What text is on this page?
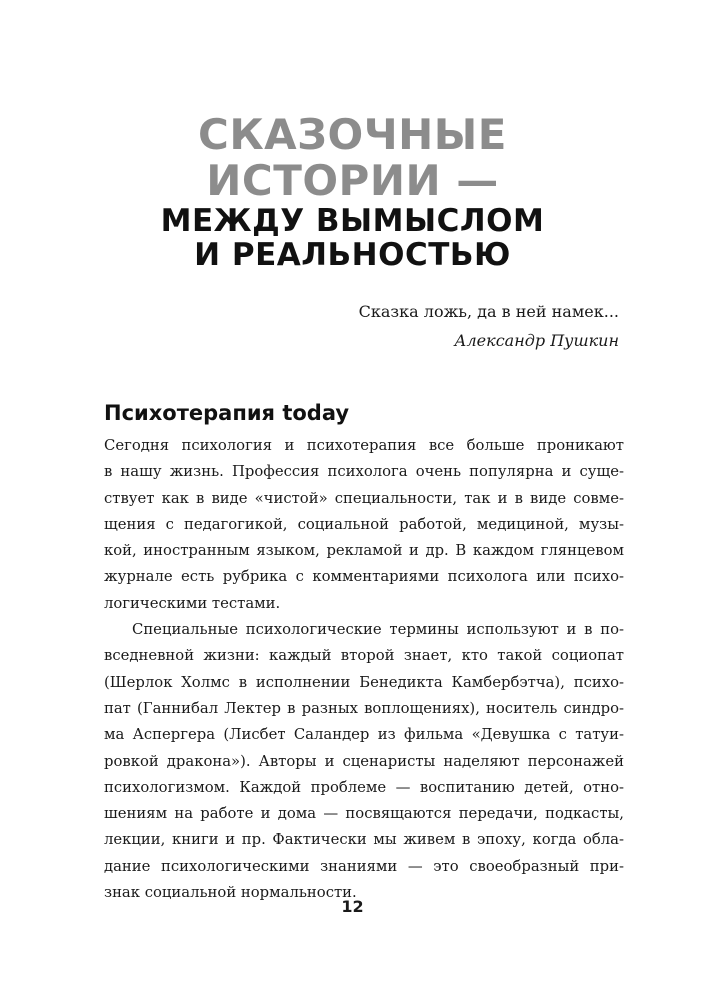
СКАЗОЧНЫЕ
ИСТОРИИ —
МЕЖДУ ВЫМЫСЛОМ
И РЕАЛЬНОСТЬЮ
Сказка ложь, да в ней намек...
Александр Пушкин
Психотерапия today
Сегодня психология и психотерапия все больше проникают
в нашу жизнь. Профессия психолога очень популярна и суще-
ствует как в виде «чистой» специальности, так и в виде совме-
щения с педагогикой, социальной работой, медициной, музы-
кой, иностранным языком, рекламой и др. В каждом глянцевом
журнале есть рубрика с комментариями психолога или психо-
логическими тестами.
Специальные психологические термины используют и в по-
вседневной жизни: каждый второй знает, кто такой социопат
(Шерлок Холмс в исполнении Бенедикта Камбербэтча), психо-
пат (Ганнибал Лектер в разных воплощениях), носитель синдро-
ма Аспергера (Лисбет Саландер из фильма «Девушка с татуи-
ровкой дракона»). Авторы и сценаристы наделяют персонажей
психологизмом. Каждой проблеме — воспитанию детей, отно-
шениям на работе и дома — посвящаются передачи, подкасты,
лекции, книги и пр. Фактически мы живем в эпоху, когда облa-
дание психологическими знаниями — это своеобразный при-
знак социальной нормальности.
12
